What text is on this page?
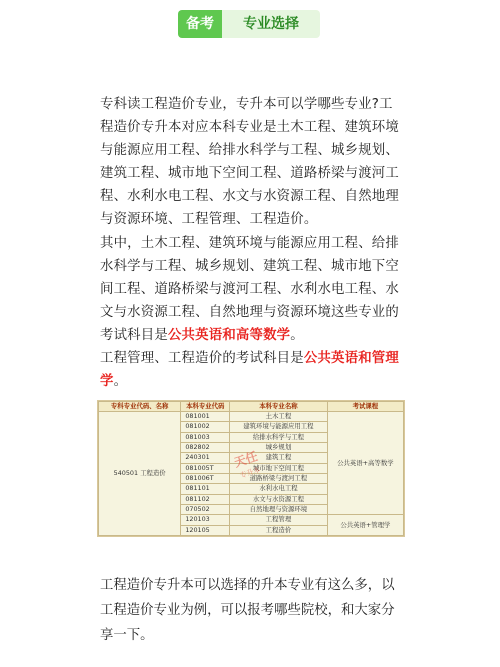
备考	专业选择

专科读工程造价专业，专升本可以学哪些专业?工程造价专升本对应本科专业是土木工程、建筑环境与能源应用工程、给排水科学与工程、城乡规划、建筑工程、城市地下空间工程、道路桥梁与渡河工程、水利水电工程、水文与水资源工程、自然地理与资源环境、工程管理、工程造价。

其中，土木工程、建筑环境与能源应用工程、给排水科学与工程、城乡规划、建筑工程、城市地下空间工程、道路桥梁与渡河工程、水利水电工程、水文与水资源工程、自然地理与资源环境这些专业的考试科目是公共英语和高等数学。

工程管理、工程造价的考试科目是公共英语和管理学。

专科专业代码、名称	本科专业代码	本科专业名称	考试课程
540501 工程造价	081001	土木工程	公共英语+高等数学
	081002	建筑环境与能源应用工程	
	081003	给排水科学与工程	
	082802	城乡规划	
	240301	建筑工程	
	081005T	城市地下空间工程	
	081006T	道路桥梁与渡河工程	
	081101	水利水电工程	
	081102	水文与水资源工程	
	070502	自然地理与资源环境	
	120103	工程管理	公共英语+管理学
	120105	工程造价	
天任
专升本

工程造价专升本可以选择的升本专业有这么多，以工程造价专业为例，可以报考哪些院校，和大家分享一下。
